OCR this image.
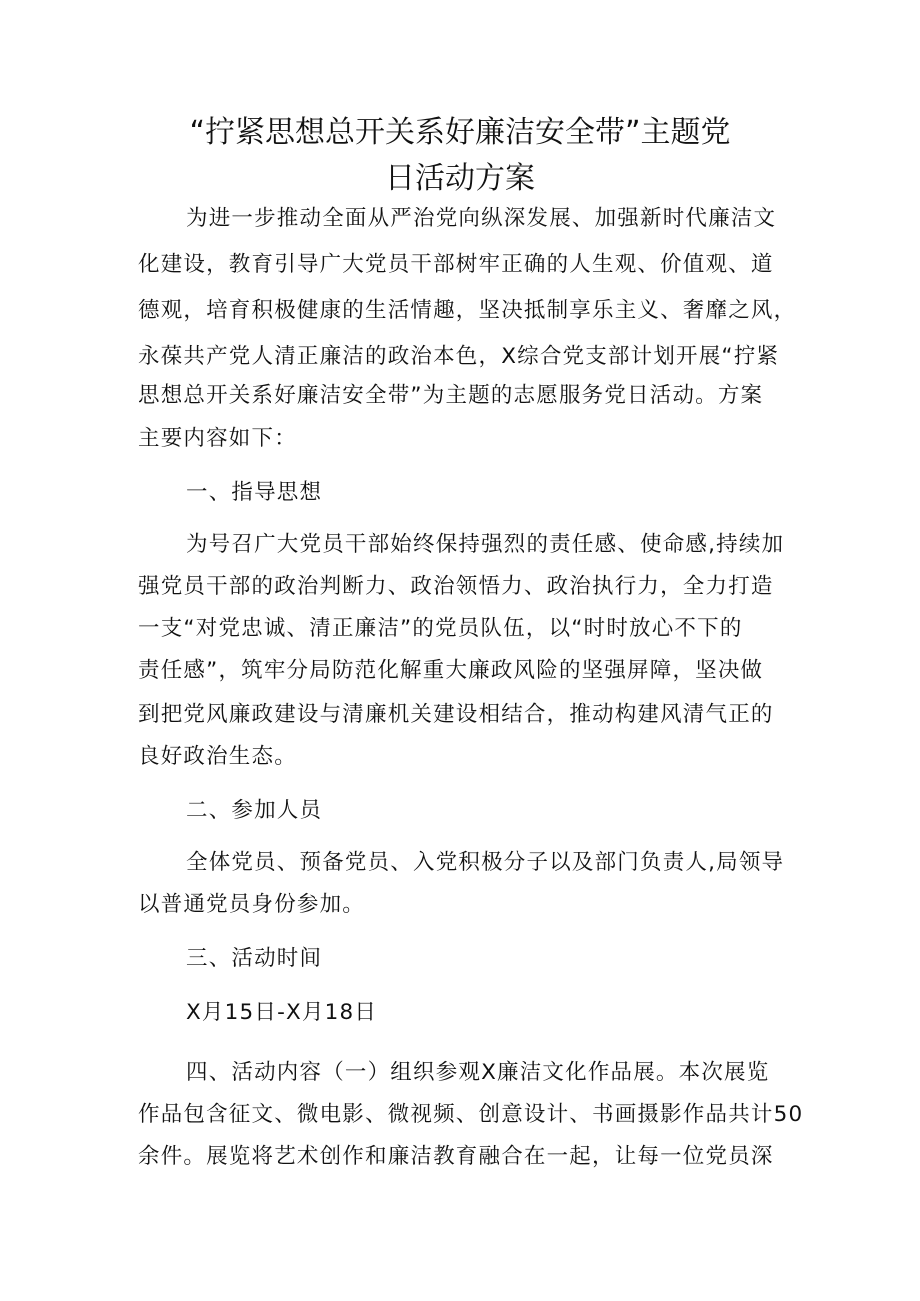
“拧紧思想总开关系好廉洁安全带”主题党
日活动方案

为进一步推动全面从严治党向纵深发展、加强新时代廉洁文

化建设，教育引导广大党员干部树牢正确的人生观、价值观、道

德观，培育积极健康的生活情趣，坚决抵制享乐主义、奢靡之风，

永葆共产党人清正廉洁的政治本色，X综合党支部计划开展“拧紧

思想总开关系好廉洁安全带”为主题的志愿服务党日活动。方案

主要内容如下：

一、指导思想

为号召广大党员干部始终保持强烈的责任感、使命感,持续加

强党员干部的政治判断力、政治领悟力、政治执行力，全力打造

一支“对党忠诚、清正廉洁”的党员队伍，以“时时放心不下的

责任感”，筑牢分局防范化解重大廉政风险的坚强屏障，坚决做

到把党风廉政建设与清廉机关建设相结合，推动构建风清气正的

良好政治生态。

二、参加人员

全体党员、预备党员、入党积极分子以及部门负责人,局领导

以普通党员身份参加。

三、活动时间

X月15日-X月18日

四、活动内容（一）组织参观X廉洁文化作品展。本次展览

作品包含征文、微电影、微视频、创意设计、书画摄影作品共计50

余件。展览将艺术创作和廉洁教育融合在一起，让每一位党员深
